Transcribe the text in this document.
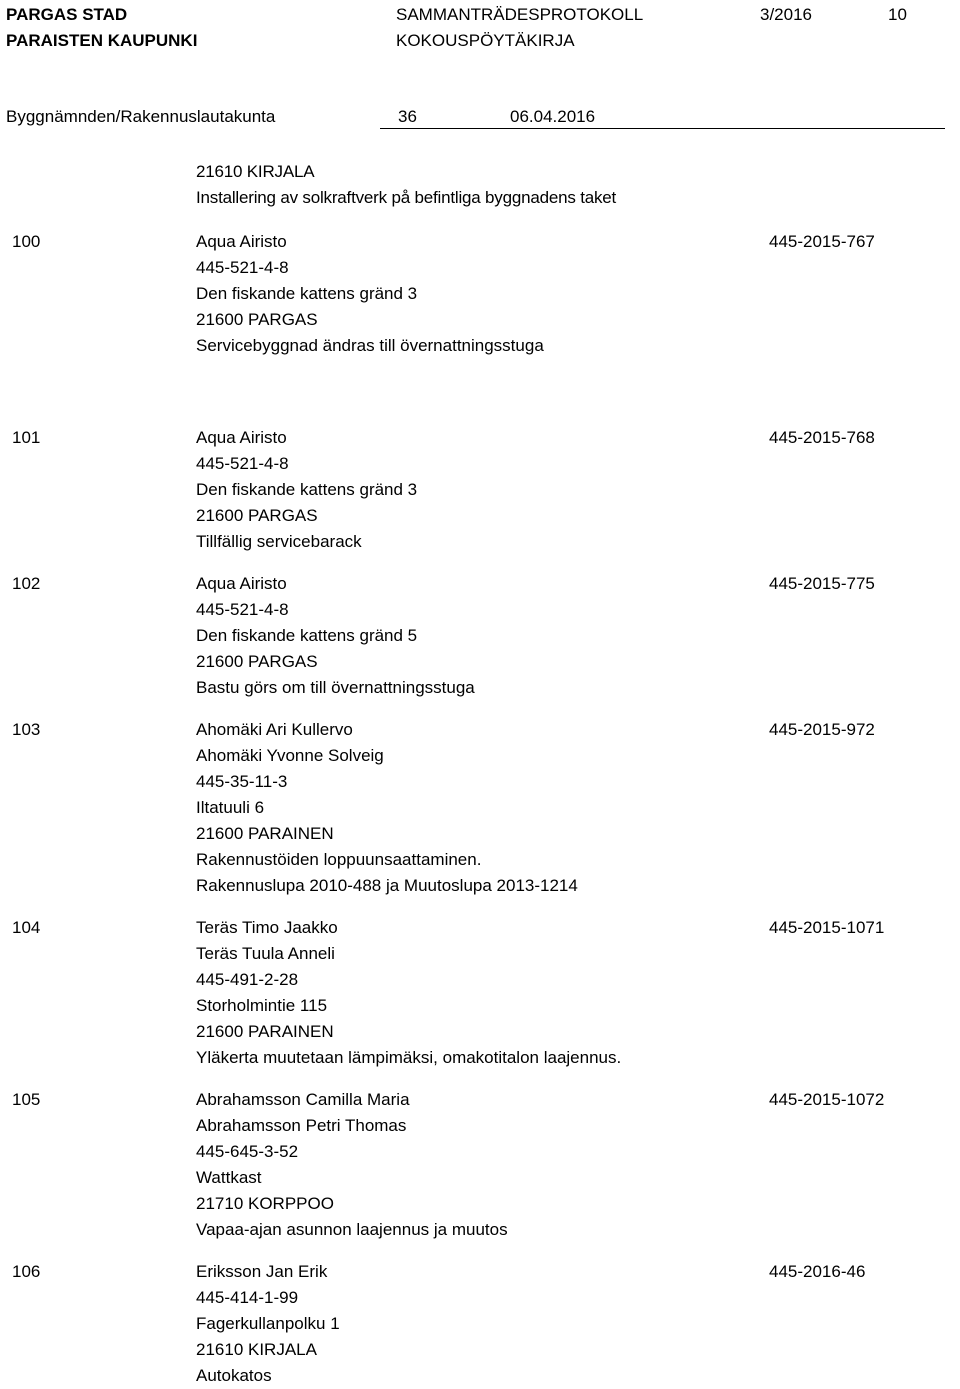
PARGAS STAD
PARAISTEN KAUPUNKI
SAMMANTRÄDESPROTOKOLL
KOKOUSPÖYTÄKIRJA
3/2016	10
Byggnämnden/Rakennuslautakunta	36	06.04.2016
21610 KIRJALA
Installering av solkraftverk på befintliga byggnadens taket
100	Aqua Airisto
445-521-4-8
Den fiskande kattens gränd 3
21600 PARGAS
Servicebyggnad ändras till övernattningsstuga
445-2015-767
101	Aqua Airisto
445-521-4-8
Den fiskande kattens gränd 3
21600 PARGAS
Tillfällig servicebarack
445-2015-768
102	Aqua Airisto
445-521-4-8
Den fiskande kattens gränd 5
21600 PARGAS
Bastu görs om till övernattningsstuga
445-2015-775
103	Ahomäki Ari Kullervo
Ahomäki Yvonne Solveig
445-35-11-3
Iltatuuli 6
21600 PARAINEN
Rakennustöiden loppuunsaattaminen.
Rakennuslupa 2010-488 ja Muutoslupa 2013-1214
445-2015-972
104	Teräs Timo Jaakko
Teräs Tuula Anneli
445-491-2-28
Storholmintie 115
21600 PARAINEN
Yläkerta muutetaan lämpimäksi, omakotitalon laajennus.
445-2015-1071
105	Abrahamsson Camilla Maria
Abrahamsson Petri Thomas
445-645-3-52
Wattkast
21710 KORPPOO
Vapaa-ajan asunnon laajennus ja muutos
445-2015-1072
106	Eriksson Jan Erik
445-414-1-99
Fagerkullanpolku 1
21610 KIRJALA
Autokatos
445-2016-46
